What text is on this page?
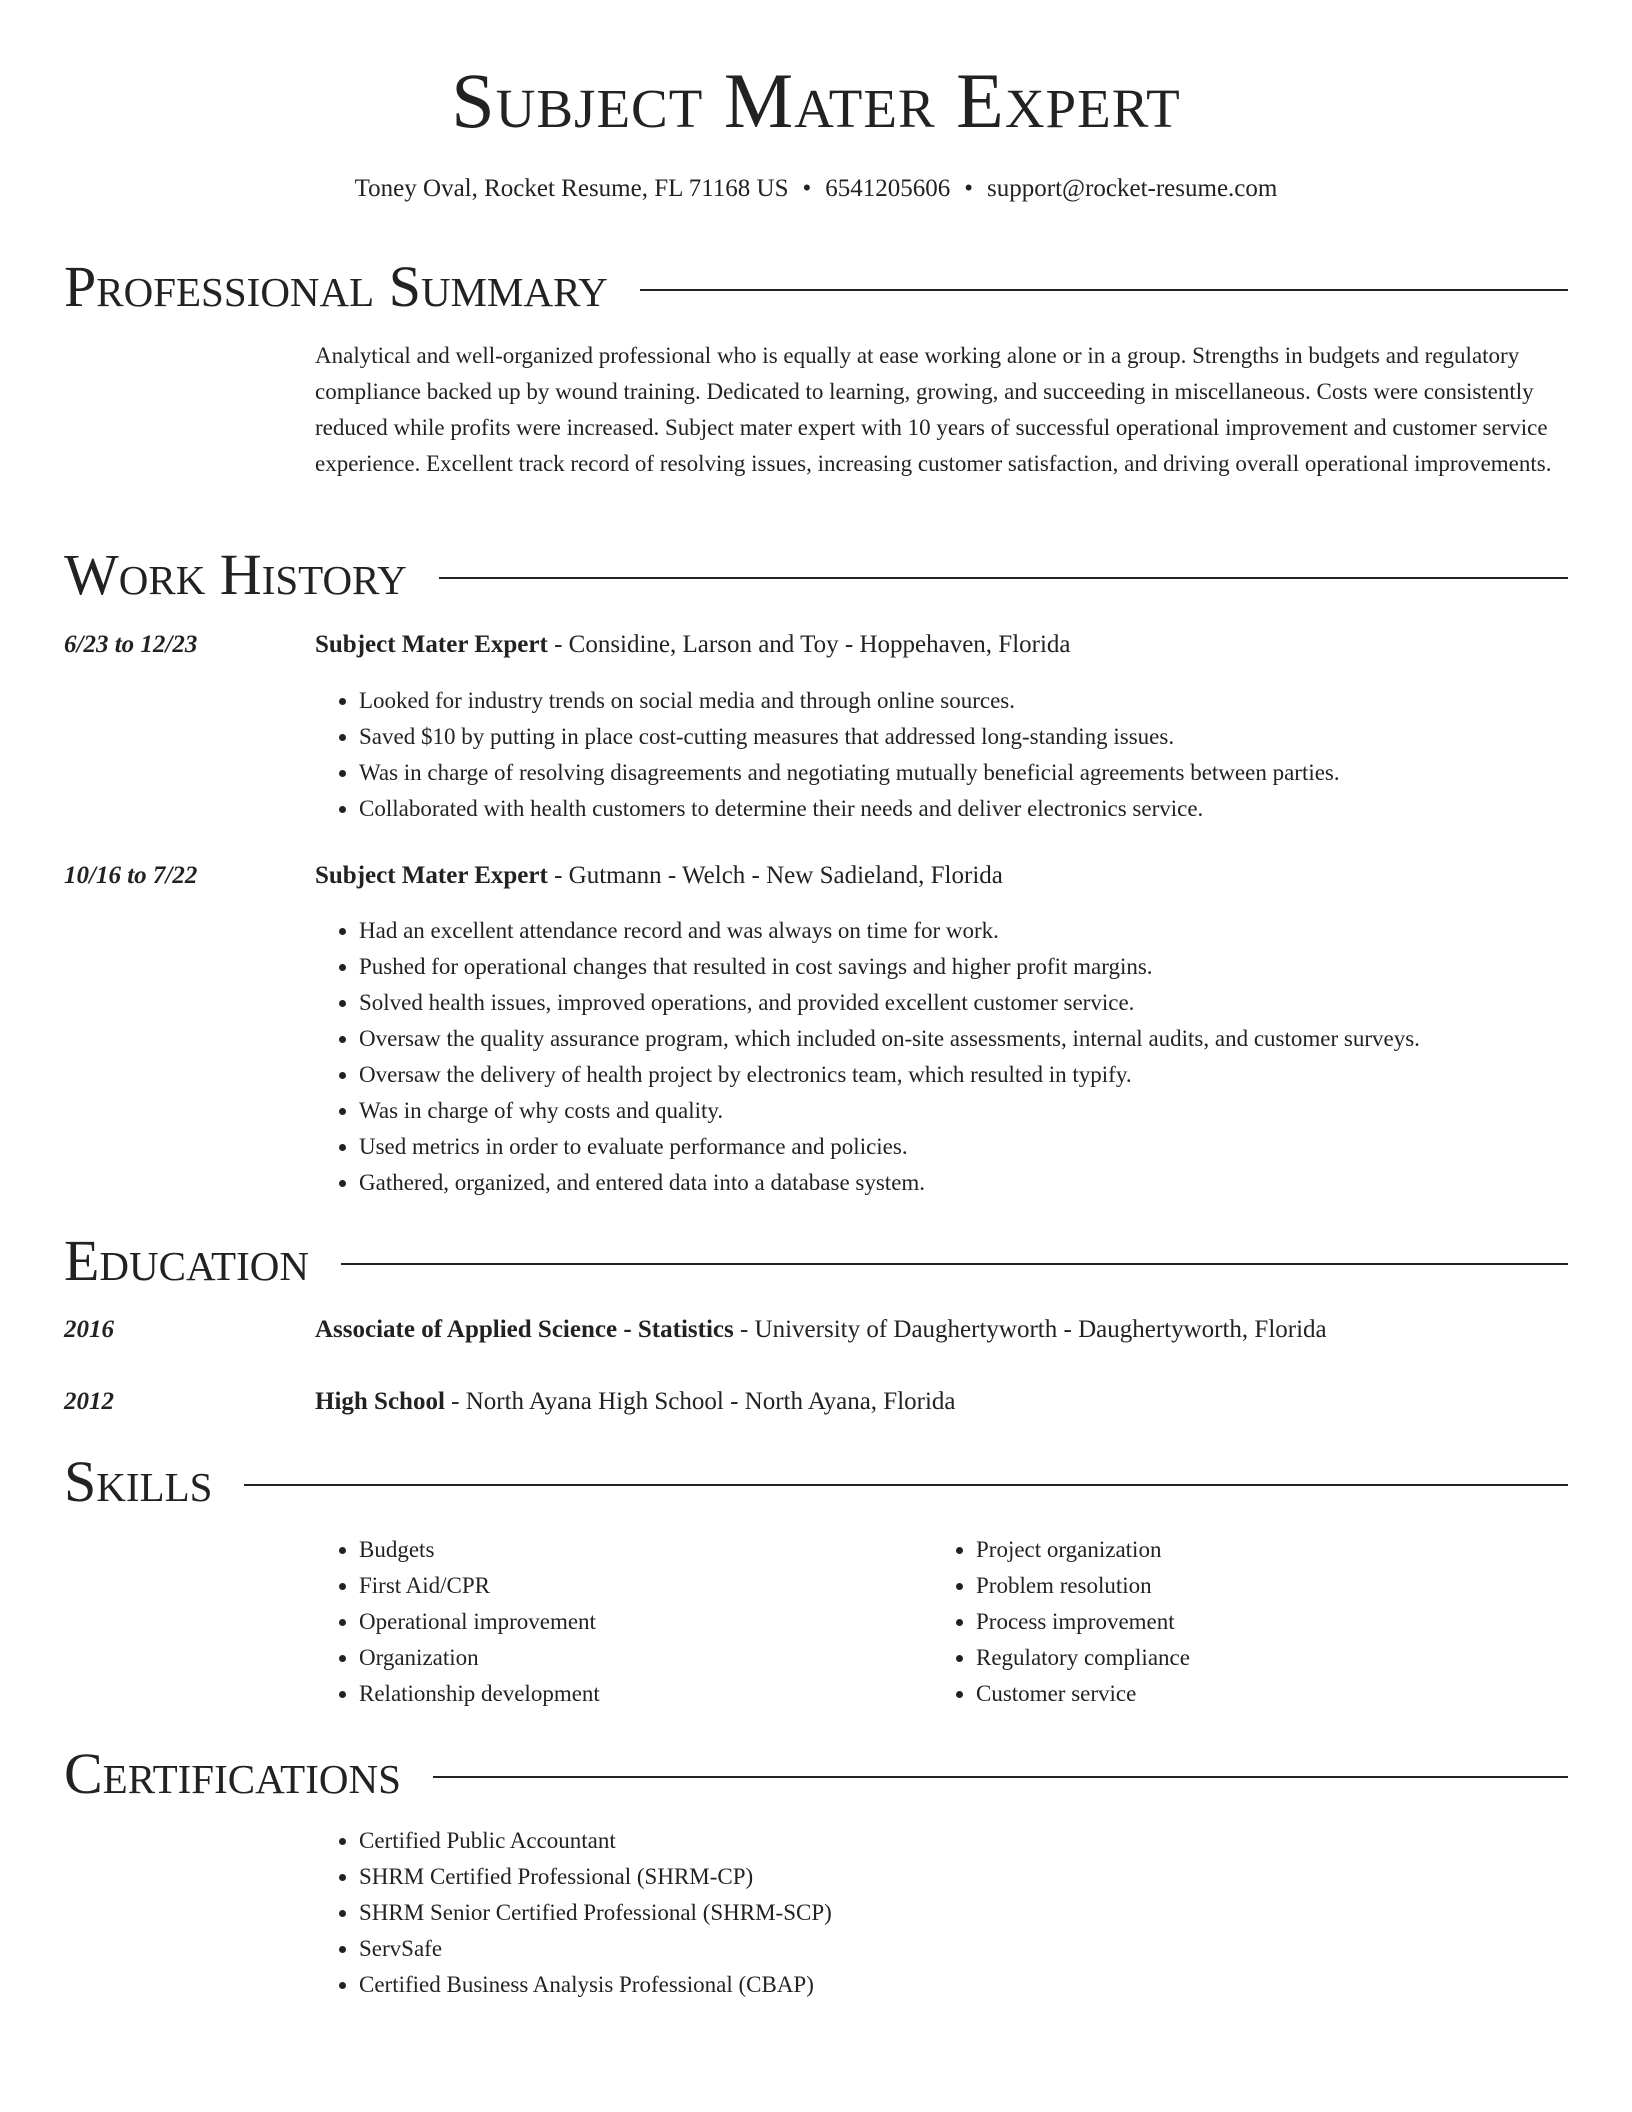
Subject Mater Expert
Toney Oval, Rocket Resume, FL 71168 US • 6541205606 • support@rocket-resume.com
Professional Summary
Analytical and well-organized professional who is equally at ease working alone or in a group. Strengths in budgets and regulatory compliance backed up by wound training. Dedicated to learning, growing, and succeeding in miscellaneous. Costs were consistently reduced while profits were increased. Subject mater expert with 10 years of successful operational improvement and customer service experience. Excellent track record of resolving issues, increasing customer satisfaction, and driving overall operational improvements.
Work History
6/23 to 12/23	Subject Mater Expert - Considine, Larson and Toy - Hoppehaven, Florida
• Looked for industry trends on social media and through online sources.
• Saved $10 by putting in place cost-cutting measures that addressed long-standing issues.
• Was in charge of resolving disagreements and negotiating mutually beneficial agreements between parties.
• Collaborated with health customers to determine their needs and deliver electronics service.
10/16 to 7/22	Subject Mater Expert - Gutmann - Welch - New Sadieland, Florida
• Had an excellent attendance record and was always on time for work.
• Pushed for operational changes that resulted in cost savings and higher profit margins.
• Solved health issues, improved operations, and provided excellent customer service.
• Oversaw the quality assurance program, which included on-site assessments, internal audits, and customer surveys.
• Oversaw the delivery of health project by electronics team, which resulted in typify.
• Was in charge of why costs and quality.
• Used metrics in order to evaluate performance and policies.
• Gathered, organized, and entered data into a database system.
Education
2016	Associate of Applied Science - Statistics - University of Daughertyworth - Daughertyworth, Florida
2012	High School - North Ayana High School - North Ayana, Florida
Skills
• Budgets
• First Aid/CPR
• Operational improvement
• Organization
• Relationship development
• Project organization
• Problem resolution
• Process improvement
• Regulatory compliance
• Customer service
Certifications
• Certified Public Accountant
• SHRM Certified Professional (SHRM-CP)
• SHRM Senior Certified Professional (SHRM-SCP)
• ServSafe
• Certified Business Analysis Professional (CBAP)
